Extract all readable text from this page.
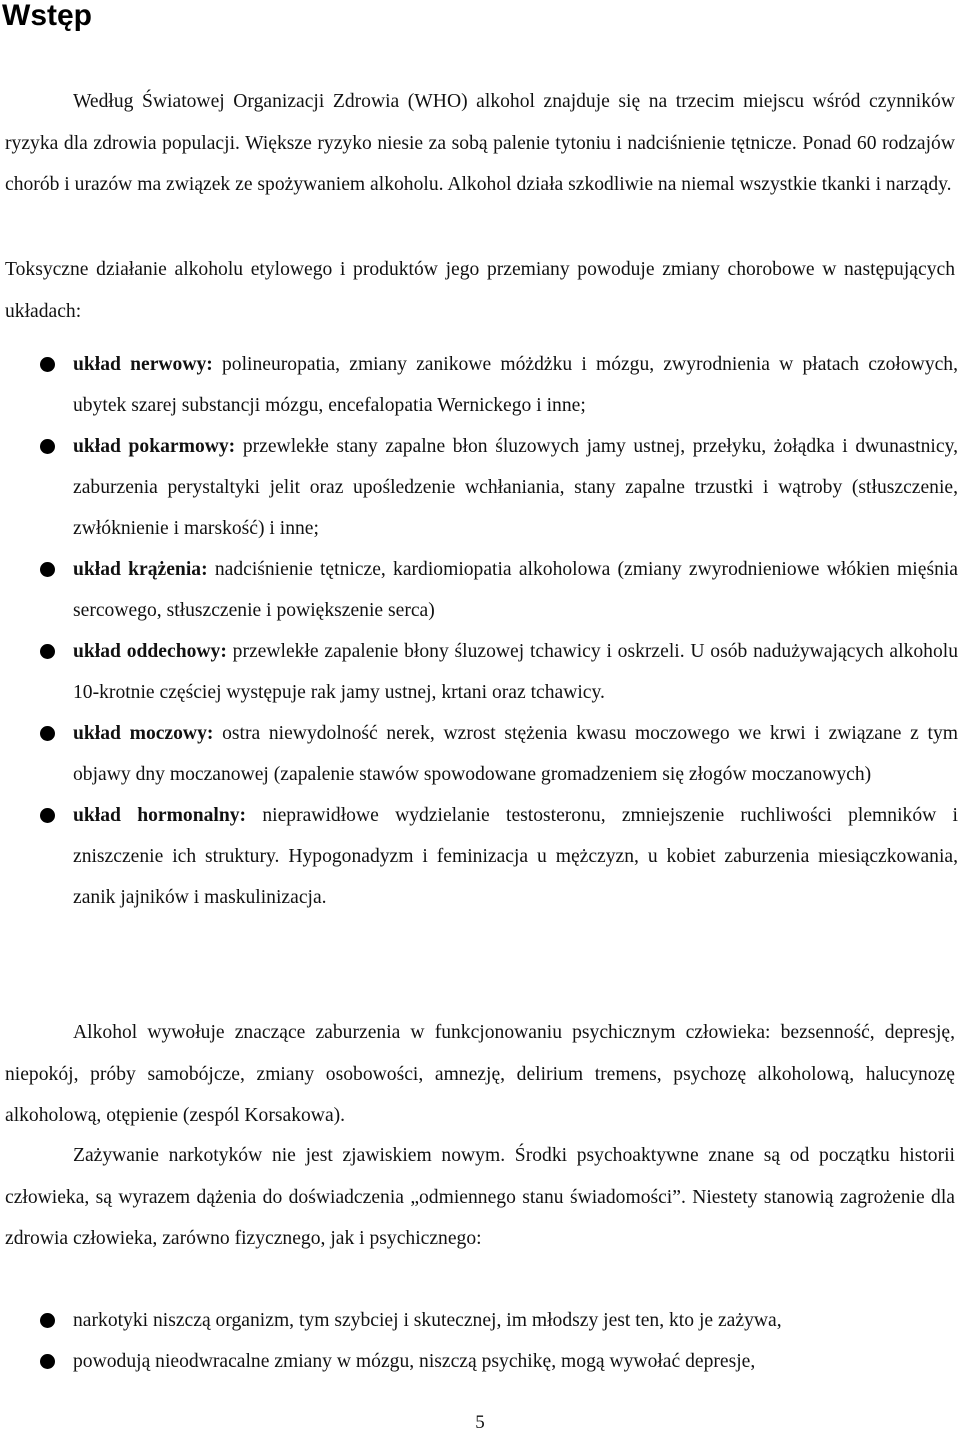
Wstęp

Według Światowej Organizacji Zdrowia (WHO) alkohol znajduje się na trzecim miejscu wśród czynników ryzyka dla zdrowia populacji. Większe ryzyko niesie za sobą palenie tytoniu i nadciśnienie tętnicze. Ponad 60 rodzajów chorób i urazów ma związek ze spożywaniem alkoholu. Alkohol działa szkodliwie na niemal wszystkie tkanki i narządy.

Toksyczne działanie alkoholu etylowego i produktów jego przemiany powoduje zmiany chorobowe w następujących układach:

układ nerwowy: polineuropatia, zmiany zanikowe móżdżku i mózgu, zwyrodnienia w płatach czołowych, ubytek szarej substancji mózgu, encefalopatia Wernickego i inne;
układ pokarmowy: przewlekłe stany zapalne błon śluzowych jamy ustnej, przełyku, żołądka i dwunastnicy, zaburzenia perystaltyki jelit oraz upośledzenie wchłaniania, stany zapalne trzustki i wątroby (stłuszczenie, zwłóknienie i marskość) i inne;
układ krążenia: nadciśnienie tętnicze, kardiomiopatia alkoholowa (zmiany zwyrodnieniowe włókien mięśnia sercowego, stłuszczenie i powiększenie serca)
układ oddechowy: przewlekłe zapalenie błony śluzowej tchawicy i oskrzeli. U osób nadużywających alkoholu 10-krotnie częściej występuje rak jamy ustnej, krtani oraz tchawicy.
układ moczowy: ostra niewydolność nerek, wzrost stężenia kwasu moczowego we krwi i związane z tym objawy dny moczanowej (zapalenie stawów spowodowane gromadzeniem się złogów moczanowych)
układ hormonalny: nieprawidłowe wydzielanie testosteronu, zmniejszenie ruchliwości plemników i zniszczenie ich struktury. Hypogonadyzm i feminizacja u mężczyzn, u kobiet zaburzenia miesiączkowania, zanik jajników i maskulinizacja.

Alkohol wywołuje znaczące zaburzenia w funkcjonowaniu psychicznym człowieka: bezsenność, depresję, niepokój, próby samobójcze, zmiany osobowości, amnezję, delirium tremens, psychozę alkoholową, halucynozę alkoholową, otępienie (zespól Korsakowa).

Zażywanie narkotyków nie jest zjawiskiem nowym. Środki psychoaktywne znane są od początku historii człowieka, są wyrazem dążenia do doświadczenia „odmiennego stanu świadomości”. Niestety stanowią zagrożenie dla zdrowia człowieka, zarówno fizycznego, jak i psychicznego:

narkotyki niszczą organizm, tym szybciej i skutecznej, im młodszy jest ten, kto je zażywa,
powodują nieodwracalne zmiany w mózgu, niszczą psychikę, mogą wywołać depresje,
5
